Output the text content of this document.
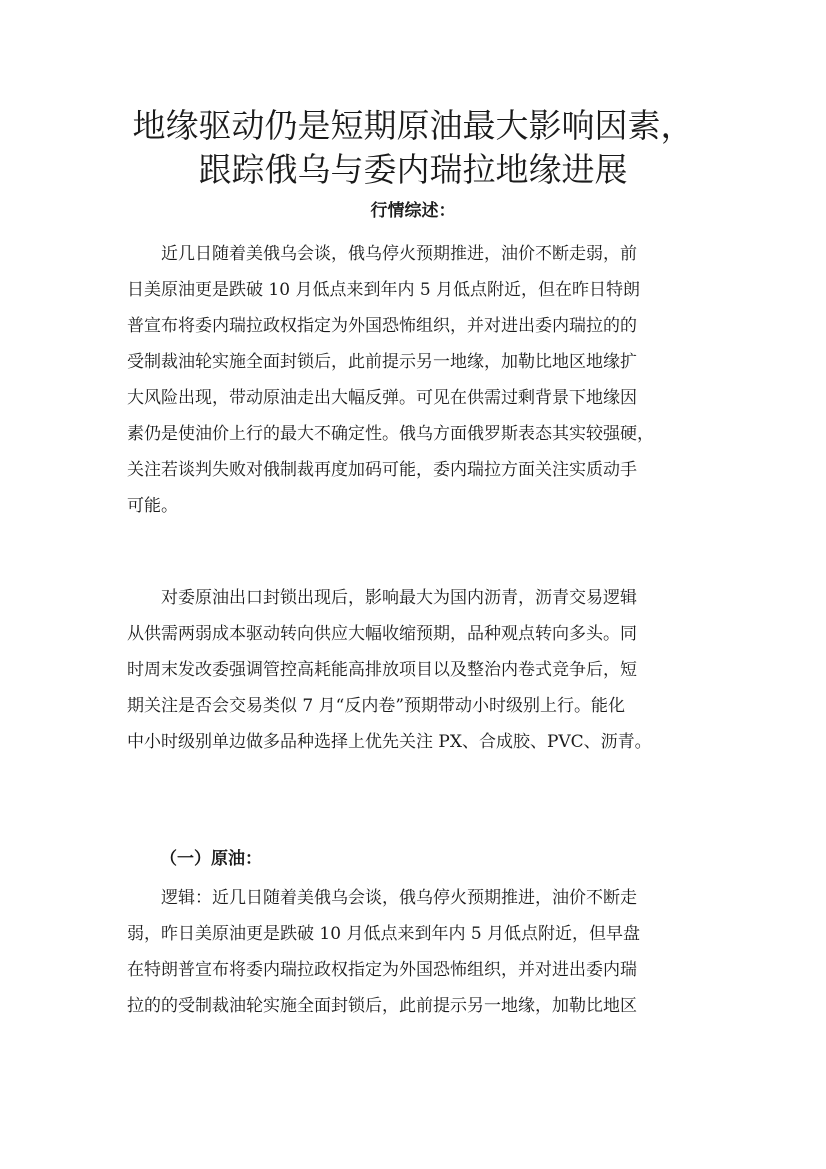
地缘驱动仍是短期原油最大影响因素，
跟踪俄乌与委内瑞拉地缘进展
行情综述：
　　近几日随着美俄乌会谈，俄乌停火预期推进，油价不断走弱，前
日美原油更是跌破 10 月低点来到年内 5 月低点附近，但在昨日特朗
普宣布将委内瑞拉政权指定为外国恐怖组织，并对进出委内瑞拉的的
受制裁油轮实施全面封锁后，此前提示另一地缘，加勒比地区地缘扩
大风险出现，带动原油走出大幅反弹。可见在供需过剩背景下地缘因
素仍是使油价上行的最大不确定性。俄乌方面俄罗斯表态其实较强硬，
关注若谈判失败对俄制裁再度加码可能，委内瑞拉方面关注实质动手
可能。
　　对委原油出口封锁出现后，影响最大为国内沥青，沥青交易逻辑
从供需两弱成本驱动转向供应大幅收缩预期，品种观点转向多头。同
时周末发改委强调管控高耗能高排放项目以及整治内卷式竞争后，短
期关注是否会交易类似 7 月“反内卷”预期带动小时级别上行。能化
中小时级别单边做多品种选择上优先关注 PX、合成胶、PVC、沥青。
（一）原油：
　　逻辑：近几日随着美俄乌会谈，俄乌停火预期推进，油价不断走
弱，昨日美原油更是跌破 10 月低点来到年内 5 月低点附近，但早盘
在特朗普宣布将委内瑞拉政权指定为外国恐怖组织，并对进出委内瑞
拉的的受制裁油轮实施全面封锁后，此前提示另一地缘，加勒比地区
